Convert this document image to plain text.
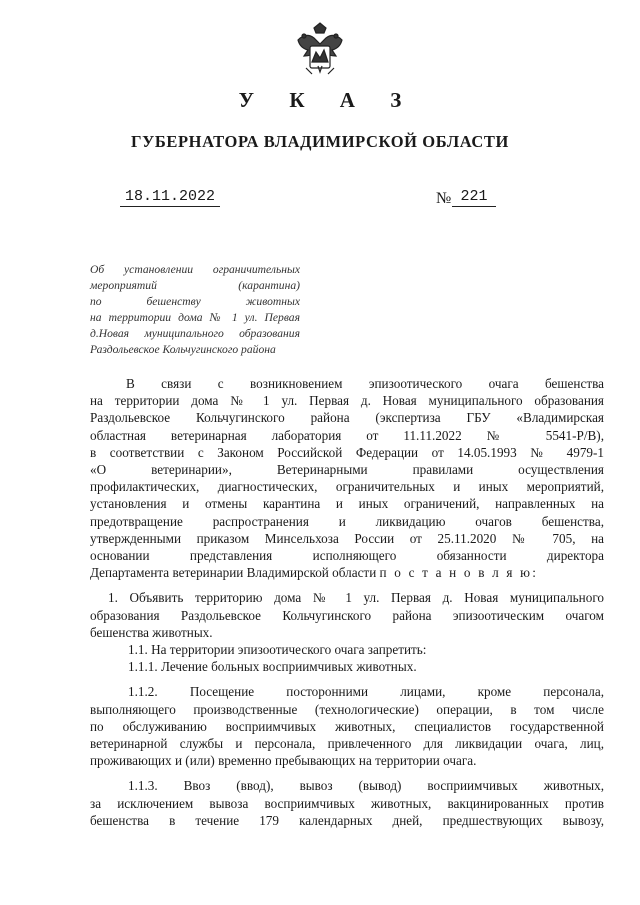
У К А З
ГУБЕРНАТОРА ВЛАДИМИРСКОЙ ОБЛАСТИ
18.11.2022	№ 221
Об установлении ограничительных
мероприятий (карантина)
по бешенству животных
на территории дома № 1 ул. Первая
д.Новая муниципального образования
Раздольевское Кольчугинского района
В связи с возникновением эпизоотического очага бешенства
на территории дома № 1 ул. Первая д. Новая муниципального образования
Раздольевское Кольчугинского района (экспертиза ГБУ «Владимирская
областная ветеринарная лаборатория от 11.11.2022 № 5541-Р/В),
в соответствии с Законом Российской Федерации от 14.05.1993 № 4979-1
«О ветеринарии», Ветеринарными правилами осуществления
профилактических, диагностических, ограничительных и иных мероприятий,
установления и отмены карантина и иных ограничений, направленных на
предотвращение распространения и ликвидацию очагов бешенства,
утвержденными приказом Минсельхоза России от 25.11.2020 № 705, на
основании представления исполняющего обязанности директора
Департамента ветеринарии Владимирской области п о с т а н о в л я ю:
1. Объявить территорию дома № 1 ул. Первая д. Новая муниципального
образования Раздольевское Кольчугинского района эпизоотическим очагом
бешенства животных.
1.1. На территории эпизоотического очага запретить:
1.1.1. Лечение больных восприимчивых животных.
1.1.2. Посещение посторонними лицами, кроме персонала,
выполняющего производственные (технологические) операции, в том числе
по обслуживанию восприимчивых животных, специалистов государственной
ветеринарной службы и персонала, привлеченного для ликвидации очага, лиц,
проживающих и (или) временно пребывающих на территории очага.
1.1.3. Ввоз (ввод), вывоз (вывод) восприимчивых животных,
за исключением вывоза восприимчивых животных, вакцинированных против
бешенства в течение 179 календарных дней, предшествующих вывозу,
